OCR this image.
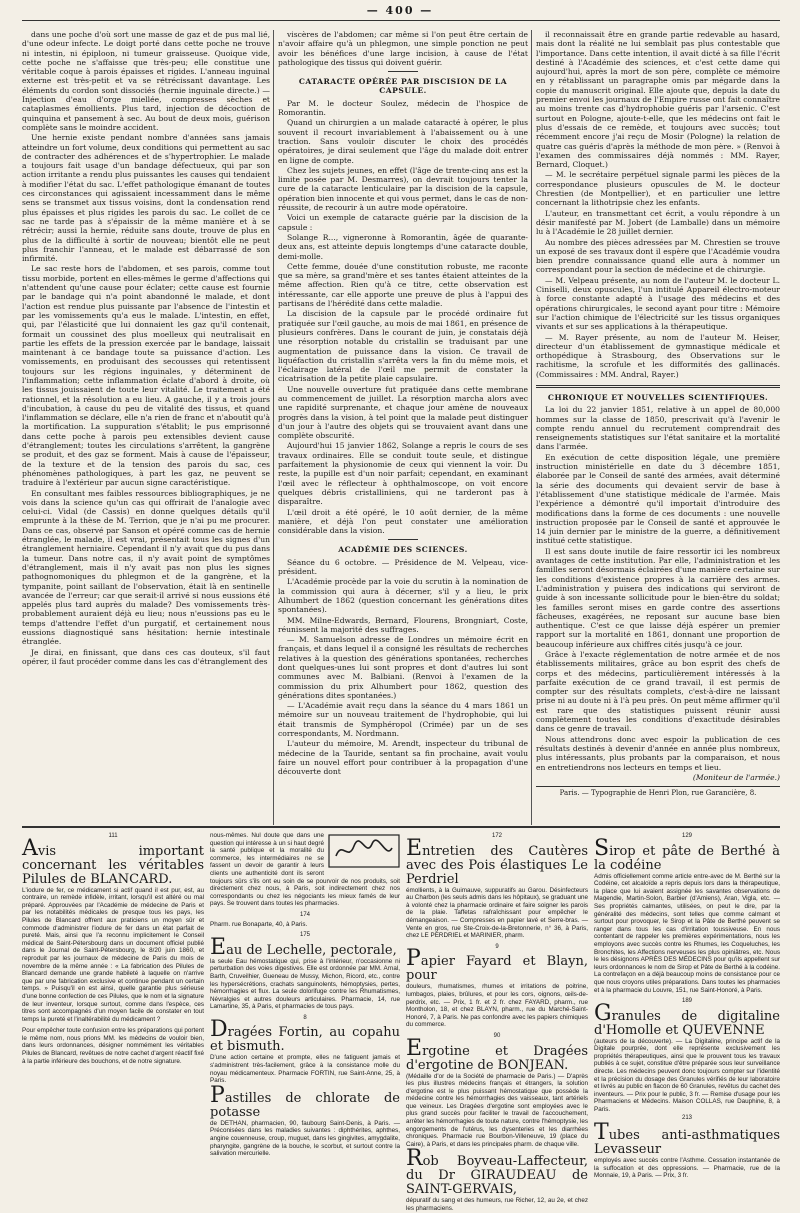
— 400 —

dans une poche d'où sort une masse de gaz et de pus mal lié, d'une odeur infecte. Le doigt porté dans cette poche ne trouve ni intestin, ni épiploon, ni tumeur graisseuse. Quoique vide, cette poche ne s'affaisse que très-peu; elle constitue une véritable coque à parois épaisses et rigides. L'anneau inguinal externe est très-petit et va se rétrécissant davantage. Les éléments du cordon sont dissociés (hernie inguinale directe.) — Injection d'eau d'orge miellée, compresses sèches et cataplasmes émollients. Plus tard, injection de décoction de quinquina et pansement à sec. Au bout de deux mois, guérison complète sans le moindre accident.

Une hernie existe pendant nombre d'années sans jamais atteindre un fort volume, deux conditions qui permettent au sac de contracter des adhérences et de s'hypertrophier. Le malade a toujours fait usage d'un bandage défectueux, qui par son action irritante a rendu plus puissantes les causes qui tendaient à modifier l'état du sac. L'effet pathologique émanant de toutes ces circonstances qui agissaient incessamment dans le même sens se transmet aux tissus voisins, dont la condensation rend plus épaisses et plus rigides les parois du sac. Le collet de ce sac ne tarde pas à s'épaissir de la même manière et à se rétrécir; aussi la hernie, réduite sans doute, trouve de plus en plus de la difficulté à sortir de nouveau; bientôt elle ne peut plus franchir l'anneau, et le malade est débarrassé de son infirmité.

Le sac reste hors de l'abdomen, et ses parois, comme tout tissu morbide, portent en elles-mêmes le germe d'affections qui n'attendent qu'une cause pour éclater; cette cause est fournie par le bandage qui n'a point abandonné le malade, et dont l'action est rendue plus puissante par l'absence de l'intestin et par les vomissements qu'a eus le malade. L'intestin, en effet, qui, par l'élasticité que lui donnaient les gaz qu'il contenait, formait un coussinet des plus moelleux qui neutralisait en partie les effets de la pression exercée par le bandage, laissait maintenant à ce bandage toute sa puissance d'action. Les vomissements, en produisant des secousses qui retentissent toujours sur les régions inguinales, y déterminent de l'inflammation; cette inflammation éclate d'abord à droite, où les tissus jouissaient de toute leur vitalité. Le traitement a été rationnel, et la résolution a eu lieu. A gauche, il y a trois jours d'incubation, à cause du peu de vitalité des tissus, et quand l'inflammation se déclare, elle n'a rien de franc et n'aboutit qu'à la mortification. La suppuration s'établit; le pus emprisonné dans cette poche à parois peu extensibles devient cause d'étranglement; toutes les circulations s'arrêtent, la gangrène se produit, et des gaz se forment. Mais à cause de l'épaisseur, de la texture et de la tension des parois du sac, ces phénomènes pathologiques, à part les gaz, ne peuvent se traduire à l'extérieur par aucun signe caractéristique.

En consultant mes faibles ressources bibliographiques, je ne vois dans la science qu'un cas qui offrirait de l'analogie avec celui-ci. Vidal (de Cassis) en donne quelques détails qu'il emprunte à la thèse de M. Terrion, que je n'ai pu me procurer. Dans ce cas, observé par Sanson et opéré comme cas de hernie étranglée, le malade, il est vrai, présentait tous les signes d'un étranglement herniaire. Cependant il n'y avait que du pus dans la tumeur. Dans notre cas, il n'y avait point de symptômes d'étranglement, mais il n'y avait pas non plus les signes pathognomoniques du phlegmon et de la gangrène, et la tympanite, point saillant de l'observation, était là en sentinelle avancée de l'erreur; car que serait-il arrivé si nous eussions été appelés plus tard auprès du malade? Des vomissements très-probablement auraient déjà eu lieu; nous n'eussions pas eu le temps d'attendre l'effet d'un purgatif, et certainement nous eussions diagnostiqué sans hésitation: hernie intestinale étranglée.

Je dirai, en finissant, que dans ces cas douteux, s'il faut opérer, il faut procéder comme dans les cas d'étranglement des

viscères de l'abdomen; car même si l'on peut être certain de n'avoir affaire qu'à un phlegmon, une simple ponction ne peut avoir les bénéfices d'une large incision, à cause de l'état pathologique des tissus qui doivent guérir.

CATARACTE OPÉRÉE PAR DISCISION DE LA CAPSULE.

Par M. le docteur Soulez, médecin de l'hospice de Romorantin.

Quand un chirurgien a un malade cataracté à opérer, le plus souvent il recourt invariablement à l'abaissement ou à une traction. Sans vouloir discuter le choix des procédés opératoires, je dirai seulement que l'âge du malade doit entrer en ligne de compte.

Chez les sujets jeunes, en effet (l'âge de trente-cinq ans est la limite posée par M. Desmarres), on devrait toujours tenter la cure de la cataracte lenticulaire par la discision de la capsule, opération bien innocente et qui vous permet, dans le cas de non-réussite, de recourir à un autre mode opératoire.

Voici un exemple de cataracte guérie par la discision de la capsule :

Solange R..., vigneronne à Romorantin, âgée de quarante-deux ans, est atteinte depuis longtemps d'une cataracte double, demi-molle.

Cette femme, douée d'une constitution robuste, me raconte que sa mère, sa grand'mère et ses tantes étaient atteintes de la même affection. Rien qu'à ce titre, cette observation est intéressante, car elle apporte une preuve de plus à l'appui des partisans de l'hérédité dans cette maladie.

La discision de la capsule par le procédé ordinaire fut pratiquée sur l'œil gauche, au mois de mai 1861, en présence de plusieurs confrères. Dans le courant de juin, je constatais déjà une résorption notable du cristallin se traduisant par une augmentation de puissance dans la vision. Ce travail de liquéfaction du cristallin s'arrêta vers la fin du même mois, et l'éclairage latéral de l'œil me permit de constater la cicatrisation de la petite plaie capsulaire.

Une nouvelle ouverture fut pratiquée dans cette membrane au commencement de juillet. La résorption marcha alors avec une rapidité surprenante, et chaque jour amène de nouveaux progrès dans la vision, à tel point que la malade peut distinguer d'un jour à l'autre des objets qui se trouvaient avant dans une complète obscurité.

Aujourd'hui 15 janvier 1862, Solange a repris le cours de ses travaux ordinaires. Elle se conduit toute seule, et distingue parfaitement la physionomie de ceux qui viennent la voir. Du reste, la pupille est d'un noir parfait; cependant, en examinant l'œil avec le réflecteur à ophthalmoscope, on voit encore quelques débris cristalliniens, qui ne tarderont pas à disparaître.

L'œil droit a été opéré, le 10 août dernier, de la même manière, et déjà l'on peut constater une amélioration considérable dans la vision.

ACADÉMIE DES SCIENCES.

Séance du 6 octobre. — Présidence de M. Velpeau, vice-président.

L'Académie procède par la voie du scrutin à la nomination de la commission qui aura à décerner, s'il y a lieu, le prix Alhumbert de 1862 (question concernant les générations dites spontanées).

MM. Milne-Edwards, Bernard, Flourens, Brongniart, Coste, réunissent la majorité des suffrages.

— M. Samuelson adresse de Londres un mémoire écrit en français, et dans lequel il a consigné les résultats de recherches relatives à la question des générations spontanées, recherches dont quelques-unes lui sont propres et dont d'autres lui sont communes avec M. Balbiani. (Renvoi à l'examen de la commission du prix Alhumbert pour 1862, question des générations dites spontanées.)

— L'Académie avait reçu dans la séance du 4 mars 1861 un mémoire sur un nouveau traitement de l'hydrophobie, qui lui était transmis de Symphéropol (Crimée) par un de ses correspondants, M. Nordmann.

L'auteur du mémoire, M. Arendt, inspecteur du tribunal de médecine de la Tauride, sentant sa fin prochaine, avait voulu faire un nouvel effort pour contribuer à la propagation d'une découverte dont

il reconnaissait être en grande partie redevable au hasard, mais dont la réalité ne lui semblait pas plus contestable que l'importance. Dans cette intention, il avait dicté à sa fille l'écrit destiné à l'Académie des sciences, et c'est cette dame qui aujourd'hui, après la mort de son père, complète ce mémoire en y rétablissant un paragraphe omis par mégarde dans la copie du manuscrit original. Elle ajoute que, depuis la date du premier envoi les journaux de l'Empire russe ont fait connaître au moins trente cas d'hydrophobie guéris par l'arsenic. C'est surtout en Pologne, ajoute-t-elle, que les médecins ont fait le plus d'essais de ce remède, et toujours avec succès; tout récemment encore j'ai reçu de Mosir (Pologne) la relation de quatre cas guéris d'après la méthode de mon père. » (Renvoi à l'examen des commissaires déjà nommés : MM. Rayer, Bernard, Cloquet.)

— M. le secrétaire perpétuel signale parmi les pièces de la correspondance plusieurs opuscules de M. le docteur Chrestien (de Montpellier), et en particulier une lettre concernant la lithotripsie chez les enfants.

L'auteur, en transmettant cet écrit, a voulu répondre à un désir manifesté par M. Jobert (de Lamballe) dans un mémoire lu à l'Académie le 28 juillet dernier.

Au nombre des pièces adressées par M. Chrestien se trouve un exposé de ses travaux dont il espère que l'Académie voudra bien prendre connaissance quand elle aura à nommer un correspondant pour la section de médecine et de chirurgie.

— M. Velpeau présente, au nom de l'auteur M. le docteur L. Ciniselli, deux opuscules, l'un intitulé Appareil électro-moteur à force constante adapté à l'usage des médecins et des opérations chirurgicales, le second ayant pour titre : Mémoire sur l'action chimique de l'électricité sur les tissus organiques vivants et sur ses applications à la thérapeutique.

— M. Rayer présente, au nom de l'auteur M. Heiser, directeur d'un établissement de gymnastique médicale et orthopédique à Strasbourg, des Observations sur le rachitisme, la scrofule et les difformités des gallinacés. (Commissaires : MM. Andral, Rayer.)

CHRONIQUE ET NOUVELLES SCIENTIFIQUES.

La loi du 22 janvier 1851, relative à un appel de 80,000 hommes sur la classe de 1850, prescrivait qu'à l'avenir le compte rendu annuel du recrutement comprendrait des renseignements statistiques sur l'état sanitaire et la mortalité dans l'armée.

En exécution de cette disposition légale, une première instruction ministérielle en date du 3 décembre 1851, élaborée par le Conseil de santé des armées, avait déterminé la série des documents qui devaient servir de base à l'établissement d'une statistique médicale de l'armée. Mais l'expérience a démontré qu'il importait d'introduire des modifications dans la forme de ces documents : une nouvelle instruction proposée par le Conseil de santé et approuvée le 14 juin dernier par le ministre de la guerre, a définitivement institué cette statistique.

Il est sans doute inutile de faire ressortir ici les nombreux avantages de cette institution. Par elle, l'administration et les familles seront désormais éclairées d'une manière certaine sur les conditions d'existence propres à la carrière des armes. L'administration y puisera des indications qui serviront de guide à son incessante sollicitude pour le bien-être du soldat; les familles seront mises en garde contre des assertions fâcheuses, exagérées, ne reposant sur aucune base bien authentique. C'est ce que laisse déjà espérer un premier rapport sur la mortalité en 1861, donnant une proportion de beaucoup inférieure aux chiffres cités jusqu'à ce jour.

Grâce à l'exacte réglementation de notre armée et de nos établissements militaires, grâce au bon esprit des chefs de corps et des médecins, particulièrement intéressés à la parfaite exécution de ce grand travail, il est permis de compter sur des résultats complets, c'est-à-dire ne laissant prise ni au doute ni à l'à peu près. On peut même affirmer qu'il est rare que des statistiques puissent réunir aussi complètement toutes les conditions d'exactitude désirables dans ce genre de travail.

Nous attendrons donc avec espoir la publication de ces résultats destinés à devenir d'année en année plus nombreux, plus intéressants, plus probants par la comparaison, et nous en entretiendrons nos lecteurs en temps et lieu.

(Moniteur de l'armée.)

Paris. — Typographie de Henri Plon, rue Garancière, 8.
111
Avis important concernant les véritables Pilules de BLANCARD.
L'iodure de fer, ce médicament si actif quand il est pur, est, au contraire, un remède infidèle, irritant, lorsqu'il est altéré ou mal préparé. Approuvées par l'Académie de médecine de Paris et par les notabilités médicales de presque tous les pays, les Pilules de Blancard offrent aux praticiens un moyen sûr et commode d'administrer l'iodure de fer dans un état parfait de pureté. Mais, ainsi que l'a reconnu implicitement le Conseil médical de Saint-Pétersbourg dans un document officiel publié dans le Journal de Saint-Pétersbourg, le 8/20 juin 1860, et reproduit par les journaux de médecine de Paris du mois de novembre de la même année : « La fabrication des Pilules de Blancard demande une grande habileté à laquelle on n'arrive que par une fabrication exclusive et continue pendant un certain temps. » Puisqu'il en est ainsi, quelle garantie plus sérieuse d'une bonne confection de ces Pilules, que le nom et la signature de leur inventeur, lorsque surtout, comme dans l'espèce, ces titres sont accompagnés d'un moyen facile de constater en tout temps la pureté et l'inaltérabilité du médicament ?
Pour empêcher toute confusion entre les préparations qui portent le même nom, nous prions MM. les médecins de vouloir bien, dans leurs ordonnances, désigner nommément les véritables Pilules de Blancard, revêtues de notre cachet d'argent réactif fixé à la partie inférieure des bouchons, et de notre signature.
nous-mêmes. Nul doute que dans une question qui intéresse à un si haut degré la santé publique et la moralité du commerce, les intermédiaires ne se fassent un devoir de garantir à leurs clients une authenticité dont ils seront toujours sûrs s'ils ont eu soin de se pourvoir de nos produits, soit directement chez nous, à Paris, soit indirectement chez nos correspondants ou chez les négociants les mieux famés de leur pays. Se trouvent dans toutes les pharmacies.
174
Pharm. rue Bonaparte, 40, à Paris.
175
Eau de Lechelle, pectorale,
la seule Eau hémostatique qui, prise à l'intérieur, n'occasionne ni perturbation des voies digestives. Elle est ordonnée par MM. Arnal, Barth, Cruveilhier, Gueneau de Mussy, Michon, Ricord, etc., contre les hypersécrétions, crachats sanguinolents, hémoptysies, pertes, hémorrhagies et flux. La seule dolorifuge contre les Rhumatismes, Névralgies et autres douleurs articulaires. Pharmacie, 14, rue Lamartine, 35, à Paris, et pharmacies de tous pays.
8
Dragées Fortin, au copahu et bismuth.
D'une action certaine et prompte, elles ne fatiguent jamais et s'administrent très-facilement, grâce à la consistance molle du noyau médicamenteux. Pharmacie FORTIN, rue Saint-Anne, 25, à Paris.
Pastilles de chlorate de potasse
de DETHAN, pharmacien, 90, faubourg Saint-Denis, à Paris. — Préconisées dans les maladies suivantes : diphthérites, aphthes, angine couenneuse, croup, muguet, dans les gingivites, amygdalite, pharyngite, gangrène de la bouche, le scorbut, et surtout contre la salivation mercurielle.
172
Entretien des Cautères avec des Pois élastiques Le Perdriel
émollients, à la Guimauve, suppuratifs au Garou. Désinfecteurs au Charbon (les seuls admis dans les hôpitaux), se graduant une à volonté chez la pharmacie ordinaire et faire soigner les parois de la plaie. Taffetas rafraîchissant pour empêcher le démangeaison. — Compresses en papier lavé et Serre-bras. — Vente en gros, rue Ste-Croix-de-la-Bretonnerie, n° 36, à Paris, chez LE PERDRIEL et MARINIER, pharm.
9
Papier Fayard et Blayn, pour
douleurs, rhumatismes, rhumes et irritations de poitrine, lumbagos, plaies, brûlures, et pour les cors, oignons, œils-de-perdrix, etc. — Prix, 1 fr. et 2 fr. chez FAYARD, pharm., rue Montholon, 18, et chez BLAYN, pharm., rue du Marché-Saint-Honoré, 7, à Paris. Ne pas confondre avec les papiers chimiques du commerce.
90
Ergotine et Dragées d'ergotine de BONJEAN.
(Médaille d'or de la Société de pharmacie de Paris.) — D'après les plus illustres médecins français et étrangers, la solution d'ergotine est le plus puissant hémostatique que possède la médecine contre les hémorrhagies des vaisseaux, tant artériels que veineux. Les Dragées d'ergotine sont employées avec le plus grand succès pour faciliter le travail de l'accouchement, arrêter les hémorrhagies de toute nature, contre l'hémoptysie, les engorgements de l'utérus, les dysenteries et les diarrhées chroniques. Pharmacie rue Bourbon-Villeneuve, 19 (place du Caire), à Paris, et dans les principales pharm. de chaque ville.
Rob Boyveau-Laffecteur, du Dr GIRAUDEAU de SAINT-GERVAIS,
dépuratif du sang et des humeurs, rue Richer, 12, au 2e, et chez les pharmaciens.
129
Sirop et pâte de Berthé à la codéine
Admis officiellement comme article entre-avec de M. Berthé sur la Codéine, cet alcaloïde a repris depuis lors dans la thérapeutique, la place que lui avaient assignée les savantes observations de Magendie, Martin-Solon, Barbier (d'Amiens), Aran, Vigla, etc. — Ses propriétés calmantes, utilisées, on peut le dire, par la généralité des médecins, sont telles que comme calmant et surtout pour provoquer, le Sirop et la Pâte de Berthé peuvent se ranger dans tous les cas d'irritation toussiveuse. En nous contentant de rappeler les premières expérimentations, nous les employons avec succès contre les Rhumes, les Coqueluches, les Bronchites, les Affections nerveuses les plus opiniâtres, etc. Nous le les désignons APRÈS DES MÉDECINS pour qu'ils appellent sur leurs ordonnances le nom de Sirop et Pâte de Berthé à la codéine. La contrefaçon en a déjà beaucoup moins de consistance pour ce que nous croyons utiles préparations. Dans toutes les pharmacies et à la pharmacie du Louvre, 151, rue Saint-Honoré, à Paris.
189
Granules de digitaline d'Homolle et QUEVENNE
(auteurs de la découverte). — La Digitaline, principe actif de la Digitale pourprée, dont elle représente exclusivement les propriétés thérapeutiques, ainsi que le prouvent tous les travaux publiés à ce sujet, constitue d'être préparée sous leur surveillance directe. Les médecins peuvent donc toujours compter sur l'identité et la précision du dosage des Granules vérifiés de leur laboratoire et livrés au public en flacon de 60 Granules, revêtus du cachet des inventeurs. — Prix pour le public, 3 fr. — Remise d'usage pour les Pharmaciens et Médecins. Maison COLLAS, rue Dauphine, 8, à Paris.
213
Tubes anti-asthmatiques Levasseur
employés avec succès contre l'Asthme. Cessation instantanée de la suffocation et des oppressions. — Pharmacie, rue de la Monnaie, 19, à Paris. — Prix, 3 fr.
